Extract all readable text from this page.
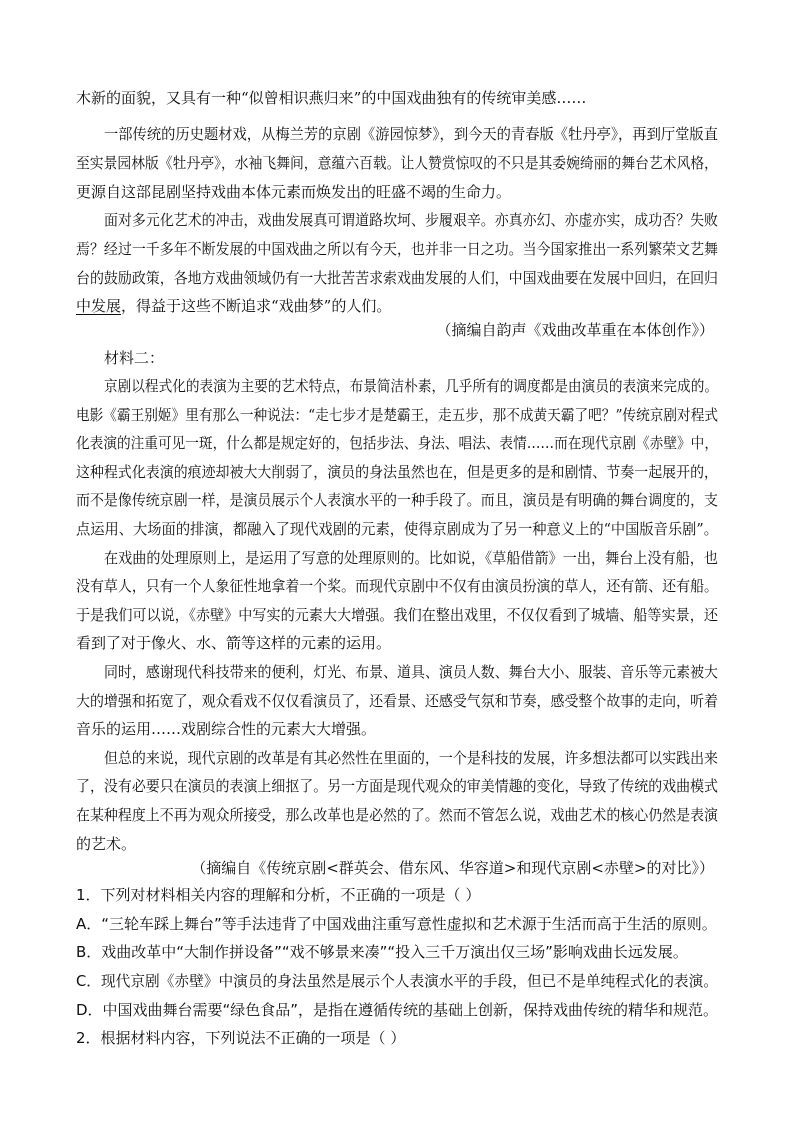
木新的面貌，又具有一种“似曾相识燕归来”的中国戏曲独有的传统审美感……
一部传统的历史题材戏，从梅兰芳的京剧《游园惊梦》，到今天的青春版《牡丹亭》，再到厅堂版直
至实景园林版《牡丹亭》，水袖飞舞间，意蕴六百载。让人赞赏惊叹的不只是其委婉绮丽的舞台艺术风格，
更源自这部昆剧坚持戏曲本体元素而焕发出的旺盛不竭的生命力。
面对多元化艺术的冲击，戏曲发展真可谓道路坎坷、步履艰辛。亦真亦幻、亦虚亦实，成功否？失败
焉？经过一千多年不断发展的中国戏曲之所以有今天，也并非一日之功。当今国家推出一系列繁荣文艺舞
台的鼓励政策，各地方戏曲领域仍有一大批苦苦求索戏曲发展的人们，中国戏曲要在发展中回归，在回归
中发展，得益于这些不断追求“戏曲梦”的人们。
（摘编自韵声《戏曲改革重在本体创作》）
材料二：
京剧以程式化的表演为主要的艺术特点，布景简洁朴素，几乎所有的调度都是由演员的表演来完成的。
电影《霸王别姬》里有那么一种说法：“走七步才是楚霸王，走五步，那不成黄天霸了吧？”传统京剧对程式
化表演的注重可见一斑，什么都是规定好的，包括步法、身法、唱法、表情……而在现代京剧《赤壁》中，
这种程式化表演的痕迹却被大大削弱了，演员的身法虽然也在，但是更多的是和剧情、节奏一起展开的，
而不是像传统京剧一样，是演员展示个人表演水平的一种手段了。而且，演员是有明确的舞台调度的，支
点运用、大场面的排演，都融入了现代戏剧的元素，使得京剧成为了另一种意义上的“中国版音乐剧”。
在戏曲的处理原则上，是运用了写意的处理原则的。比如说，《草船借箭》一出，舞台上没有船，也
没有草人，只有一个人象征性地拿着一个桨。而现代京剧中不仅有由演员扮演的草人，还有箭、还有船。
于是我们可以说，《赤壁》中写实的元素大大增强。我们在整出戏里，不仅仅看到了城墙、船等实景，还
看到了对于像火、水、箭等这样的元素的运用。
同时，感谢现代科技带来的便利，灯光、布景、道具、演员人数、舞台大小、服装、音乐等元素被大
大的增强和拓宽了，观众看戏不仅仅看演员了，还看景、还感受气氛和节奏，感受整个故事的走向，听着
音乐的运用……戏剧综合性的元素大大增强。
但总的来说，现代京剧的改革是有其必然性在里面的，一个是科技的发展，许多想法都可以实践出来
了，没有必要只在演员的表演上细抠了。另一方面是现代观众的审美情趣的变化，导致了传统的戏曲模式
在某种程度上不再为观众所接受，那么改革也是必然的了。然而不管怎么说，戏曲艺术的核心仍然是表演
的艺术。
（摘编自《传统京剧<群英会、借东风、华容道>和现代京剧<赤壁>的对比》）
1．下列对材料相关内容的理解和分析，不正确的一项是（ ）
A．“三轮车踩上舞台”等手法违背了中国戏曲注重写意性虚拟和艺术源于生活而高于生活的原则。
B．戏曲改革中“大制作拼设备”“戏不够景来凑”“投入三千万演出仅三场”影响戏曲长远发展。
C．现代京剧《赤壁》中演员的身法虽然是展示个人表演水平的手段，但已不是单纯程式化的表演。
D．中国戏曲舞台需要“绿色食品”，是指在遵循传统的基础上创新，保持戏曲传统的精华和规范。
2．根据材料内容，下列说法不正确的一项是（ ）
